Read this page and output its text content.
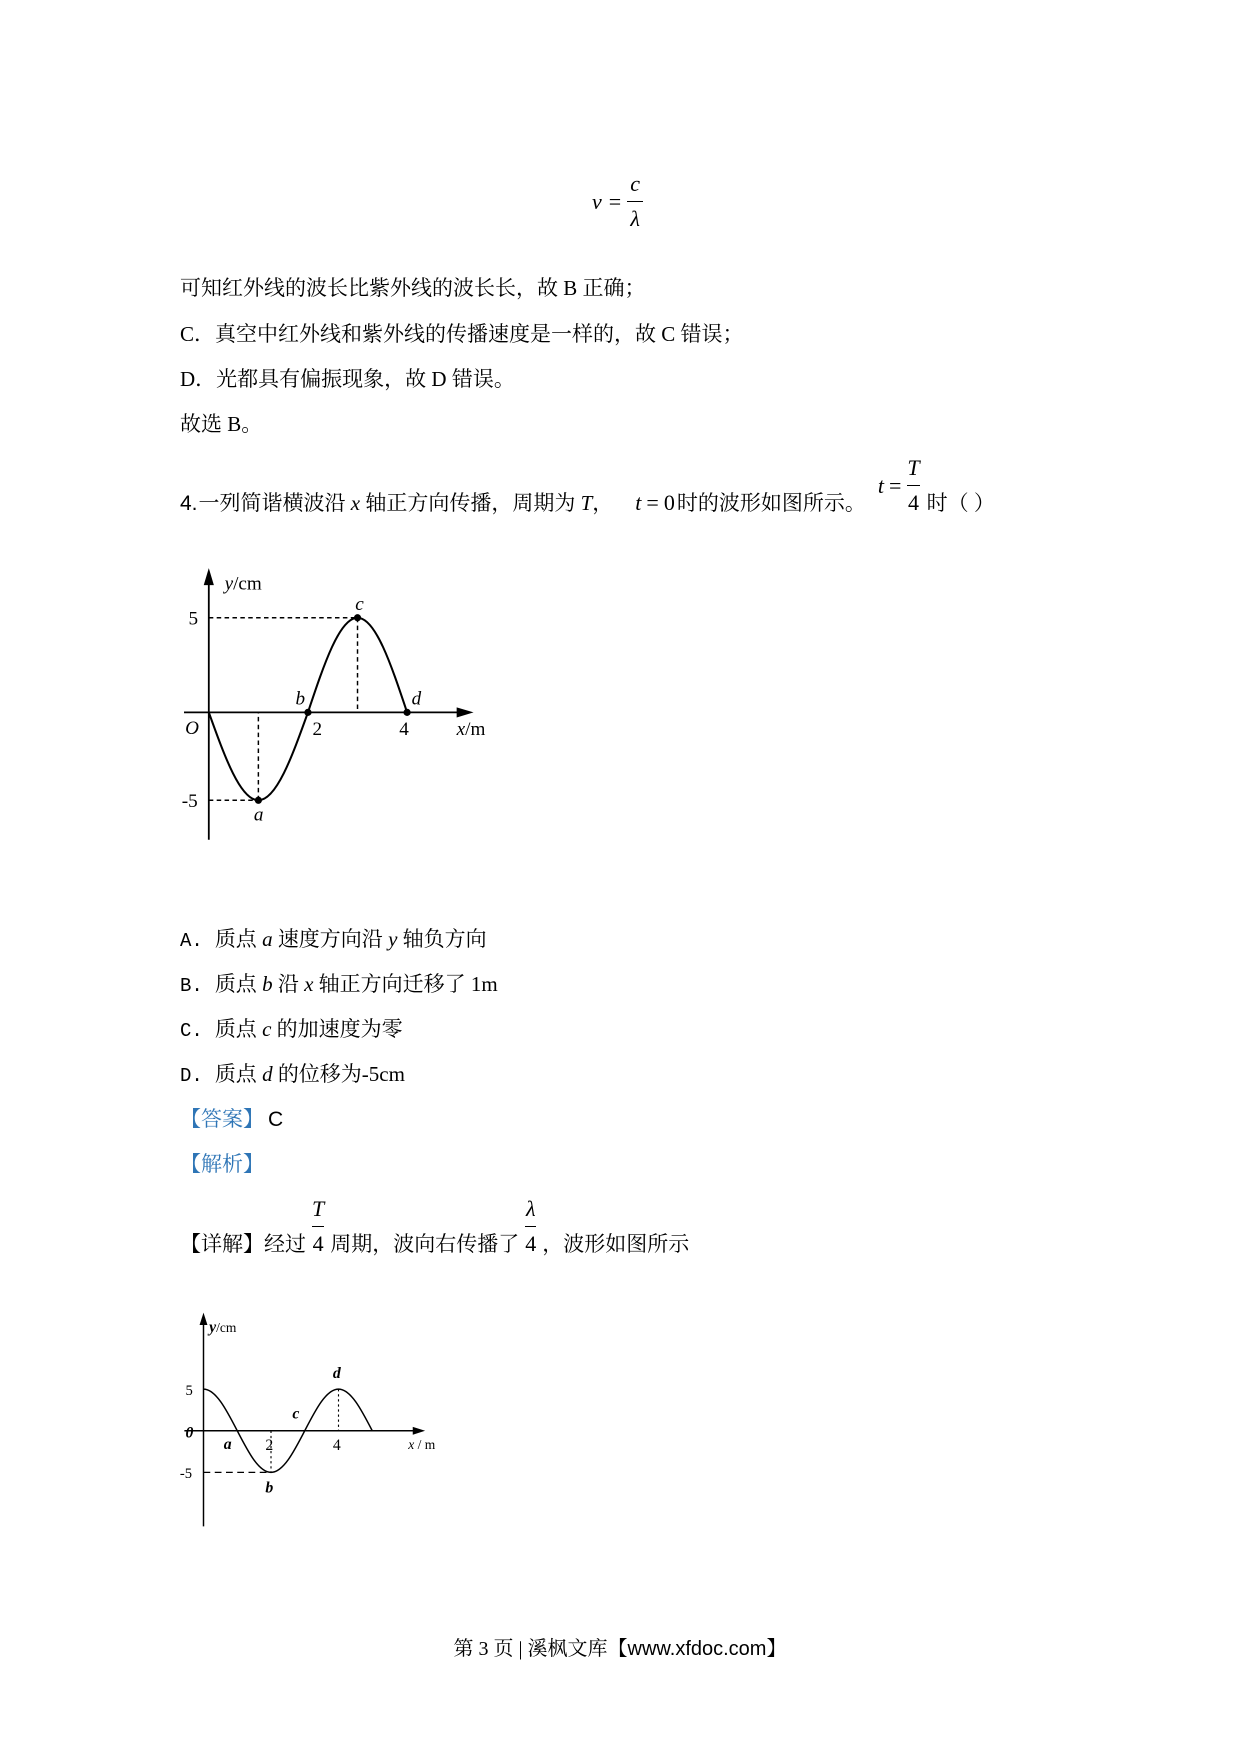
$\nu = \frac{c}{\lambda}$
可知红外线的波长比紫外线的波长长，故 B 正确；
C．真空中红外线和紫外线的传播速度是一样的，故 C 错误；
D．光都具有偏振现象，故 D 错误。
故选 B。
4.一列简谐横波沿 x 轴正方向传播，周期为 T， t = 0时的波形如图所示。$t = \frac{T}{4}$ 时（ ）
y/cm
x/m
O
5
-5
2	4
a
b
c
d
A. 质点 a 速度方向沿 y 轴负方向
B. 质点 b 沿 x 轴正方向迁移了 1m
C. 质点 c 的加速度为零
D. 质点 d 的位移为-5cm
【答案】 C
【解析】
【详解】经过 $\frac{T}{4}$ 周期，波向右传播了 $\frac{\lambda}{4}$ ，波形如图所示
y/cm
x / m
0
5
-5
2	4
a
b
c
d
第 3 页 | 溪枫文库【www.xfdoc.com】
